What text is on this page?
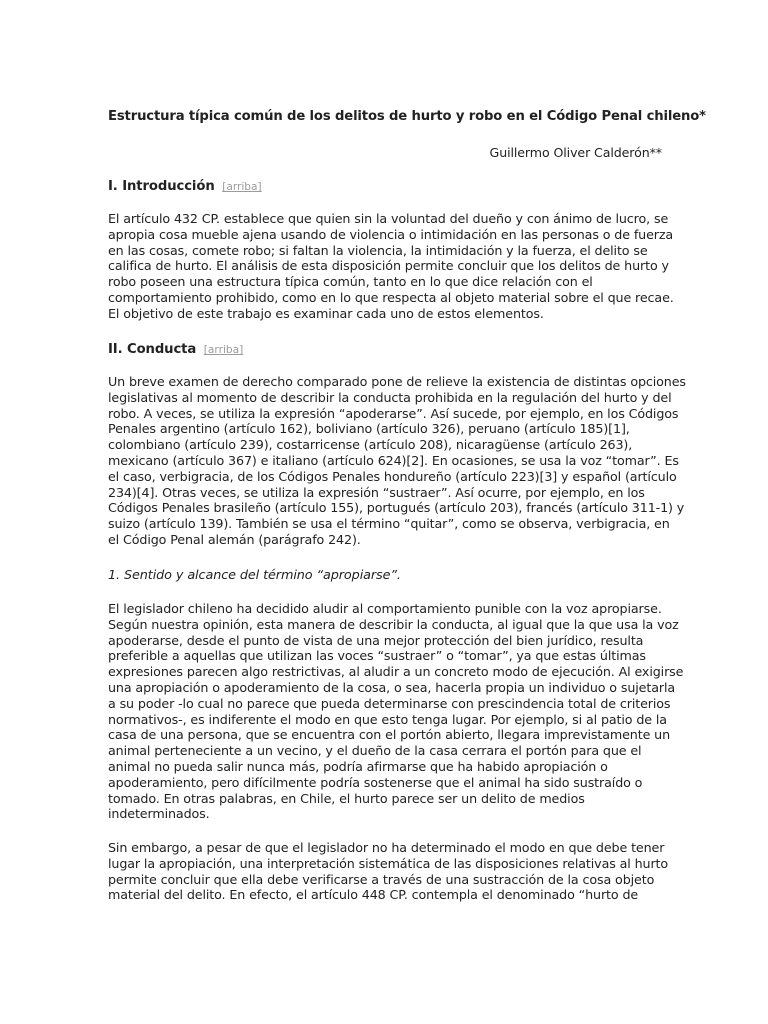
Estructura típica común de los delitos de hurto y robo en el Código Penal chileno*
Guillermo Oliver Calderón**
I. Introducción [arriba]

El artículo 432 CP. establece que quien sin la voluntad del dueño y con ánimo de lucro, se
apropia cosa mueble ajena usando de violencia o intimidación en las personas o de fuerza
en las cosas, comete robo; si faltan la violencia, la intimidación y la fuerza, el delito se
califica de hurto. El análisis de esta disposición permite concluir que los delitos de hurto y
robo poseen una estructura típica común, tanto en lo que dice relación con el
comportamiento prohibido, como en lo que respecta al objeto material sobre el que recae.
El objetivo de este trabajo es examinar cada uno de estos elementos.

II. Conducta [arriba]

Un breve examen de derecho comparado pone de relieve la existencia de distintas opciones
legislativas al momento de describir la conducta prohibida en la regulación del hurto y del
robo. A veces, se utiliza la expresión “apoderarse”. Así sucede, por ejemplo, en los Códigos
Penales argentino (artículo 162), boliviano (artículo 326), peruano (artículo 185)[1],
colombiano (artículo 239), costarricense (artículo 208), nicaragüense (artículo 263),
mexicano (artículo 367) e italiano (artículo 624)[2]. En ocasiones, se usa la voz “tomar”. Es
el caso, verbigracia, de los Códigos Penales hondureño (artículo 223)[3] y español (artículo
234)[4]. Otras veces, se utiliza la expresión “sustraer”. Así ocurre, por ejemplo, en los
Códigos Penales brasileño (artículo 155), portugués (artículo 203), francés (artículo 311-1) y
suizo (artículo 139). También se usa el término “quitar”, como se observa, verbigracia, en
el Código Penal alemán (parágrafo 242).

1. Sentido y alcance del término “apropiarse”.

El legislador chileno ha decidido aludir al comportamiento punible con la voz apropiarse.
Según nuestra opinión, esta manera de describir la conducta, al igual que la que usa la voz
apoderarse, desde el punto de vista de una mejor protección del bien jurídico, resulta
preferible a aquellas que utilizan las voces “sustraer” o “tomar”, ya que estas últimas
expresiones parecen algo restrictivas, al aludir a un concreto modo de ejecución. Al exigirse
una apropiación o apoderamiento de la cosa, o sea, hacerla propia un individuo o sujetarla
a su poder -lo cual no parece que pueda determinarse con prescindencia total de criterios
normativos-, es indiferente el modo en que esto tenga lugar. Por ejemplo, si al patio de la
casa de una persona, que se encuentra con el portón abierto, llegara imprevistamente un
animal perteneciente a un vecino, y el dueño de la casa cerrara el portón para que el
animal no pueda salir nunca más, podría afirmarse que ha habido apropiación o
apoderamiento, pero difícilmente podría sostenerse que el animal ha sido sustraído o
tomado. En otras palabras, en Chile, el hurto parece ser un delito de medios
indeterminados.

Sin embargo, a pesar de que el legislador no ha determinado el modo en que debe tener
lugar la apropiación, una interpretación sistemática de las disposiciones relativas al hurto
permite concluir que ella debe verificarse a través de una sustracción de la cosa objeto
material del delito. En efecto, el artículo 448 CP. contempla el denominado “hurto de
